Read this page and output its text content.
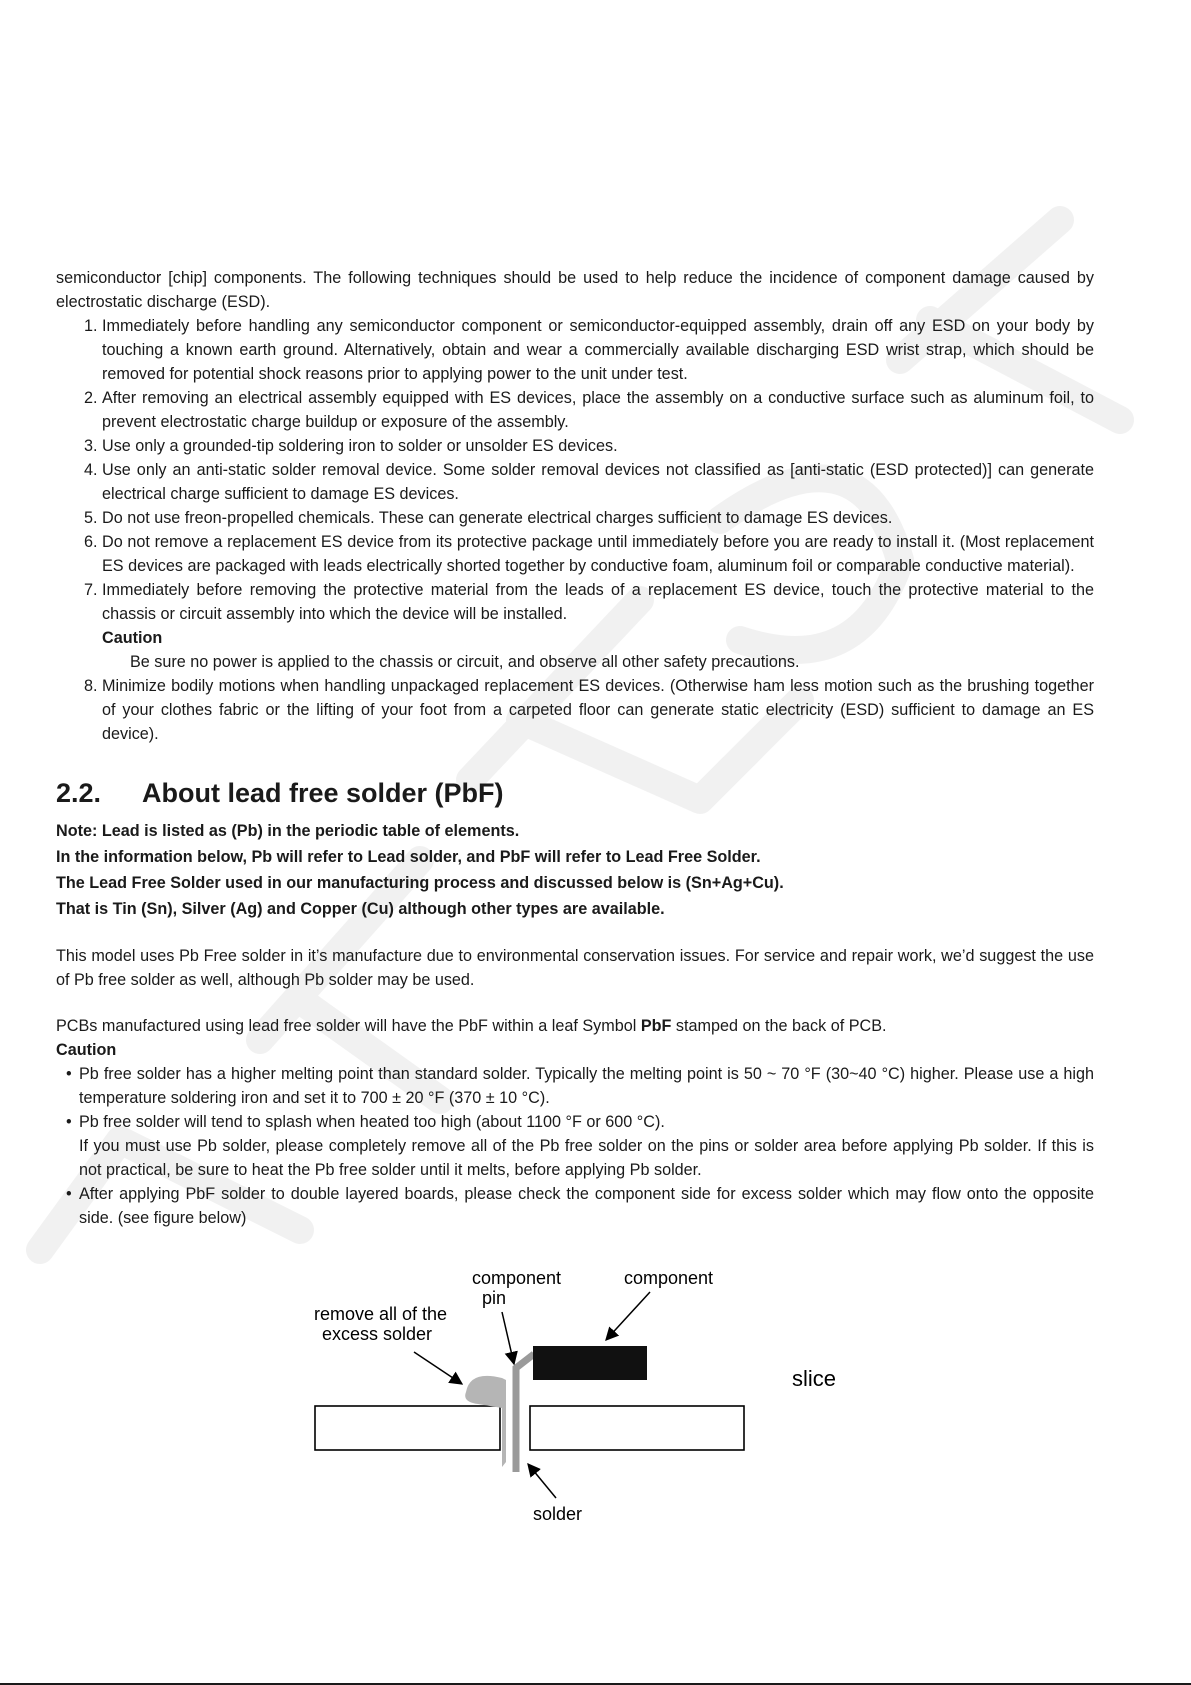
semiconductor [chip] components. The following techniques should be used to help reduce the incidence of component damage caused by electrostatic discharge (ESD).

1. Immediately before handling any semiconductor component or semiconductor-equipped assembly, drain off any ESD on your body by touching a known earth ground. Alternatively, obtain and wear a commercially available discharging ESD wrist strap, which should be removed for potential shock reasons prior to applying power to the unit under test.
2. After removing an electrical assembly equipped with ES devices, place the assembly on a conductive surface such as aluminum foil, to prevent electrostatic charge buildup or exposure of the assembly.
3. Use only a grounded-tip soldering iron to solder or unsolder ES devices.
4. Use only an anti-static solder removal device. Some solder removal devices not classified as [anti-static (ESD protected)] can generate electrical charge sufficient to damage ES devices.
5. Do not use freon-propelled chemicals. These can generate electrical charges sufficient to damage ES devices.
6. Do not remove a replacement ES device from its protective package until immediately before you are ready to install it. (Most replacement ES devices are packaged with leads electrically shorted together by conductive foam, aluminum foil or comparable conductive material).
7. Immediately before removing the protective material from the leads of a replacement ES device, touch the protective material to the chassis or circuit assembly into which the device will be installed.
Caution
Be sure no power is applied to the chassis or circuit, and observe all other safety precautions.
8. Minimize bodily motions when handling unpackaged replacement ES devices. (Otherwise ham less motion such as the brushing together of your clothes fabric or the lifting of your foot from a carpeted floor can generate static electricity (ESD) sufficient to damage an ES device).
2.2.	About lead free solder (PbF)

Note: Lead is listed as (Pb) in the periodic table of elements.

In the information below, Pb will refer to Lead solder, and PbF will refer to Lead Free Solder.

The Lead Free Solder used in our manufacturing process and discussed below is (Sn+Ag+Cu).

That is Tin (Sn), Silver (Ag) and Copper (Cu) although other types are available.

This model uses Pb Free solder in it’s manufacture due to environmental conservation issues. For service and repair work, we’d suggest the use of Pb free solder as well, although Pb solder may be used.

PCBs manufactured using lead free solder will have the PbF within a leaf Symbol PbF stamped on the back of PCB.

Caution
• Pb free solder has a higher melting point than standard solder. Typically the melting point is 50 ~ 70 °F (30~40 °C) higher. Please use a high temperature soldering iron and set it to 700 ± 20 °F (370 ± 10 °C).
• Pb free solder will tend to splash when heated too high (about 1100 °F or 600 °C).
If you must use Pb solder, please completely remove all of the Pb free solder on the pins or solder area before applying Pb solder. If this is not practical, be sure to heat the Pb free solder until it melts, before applying Pb solder.
• After applying PbF solder to double layered boards, please check the component side for excess solder which may flow onto the opposite side. (see figure below)
remove all of the
excess solder
component
pin
component
slice
solder
